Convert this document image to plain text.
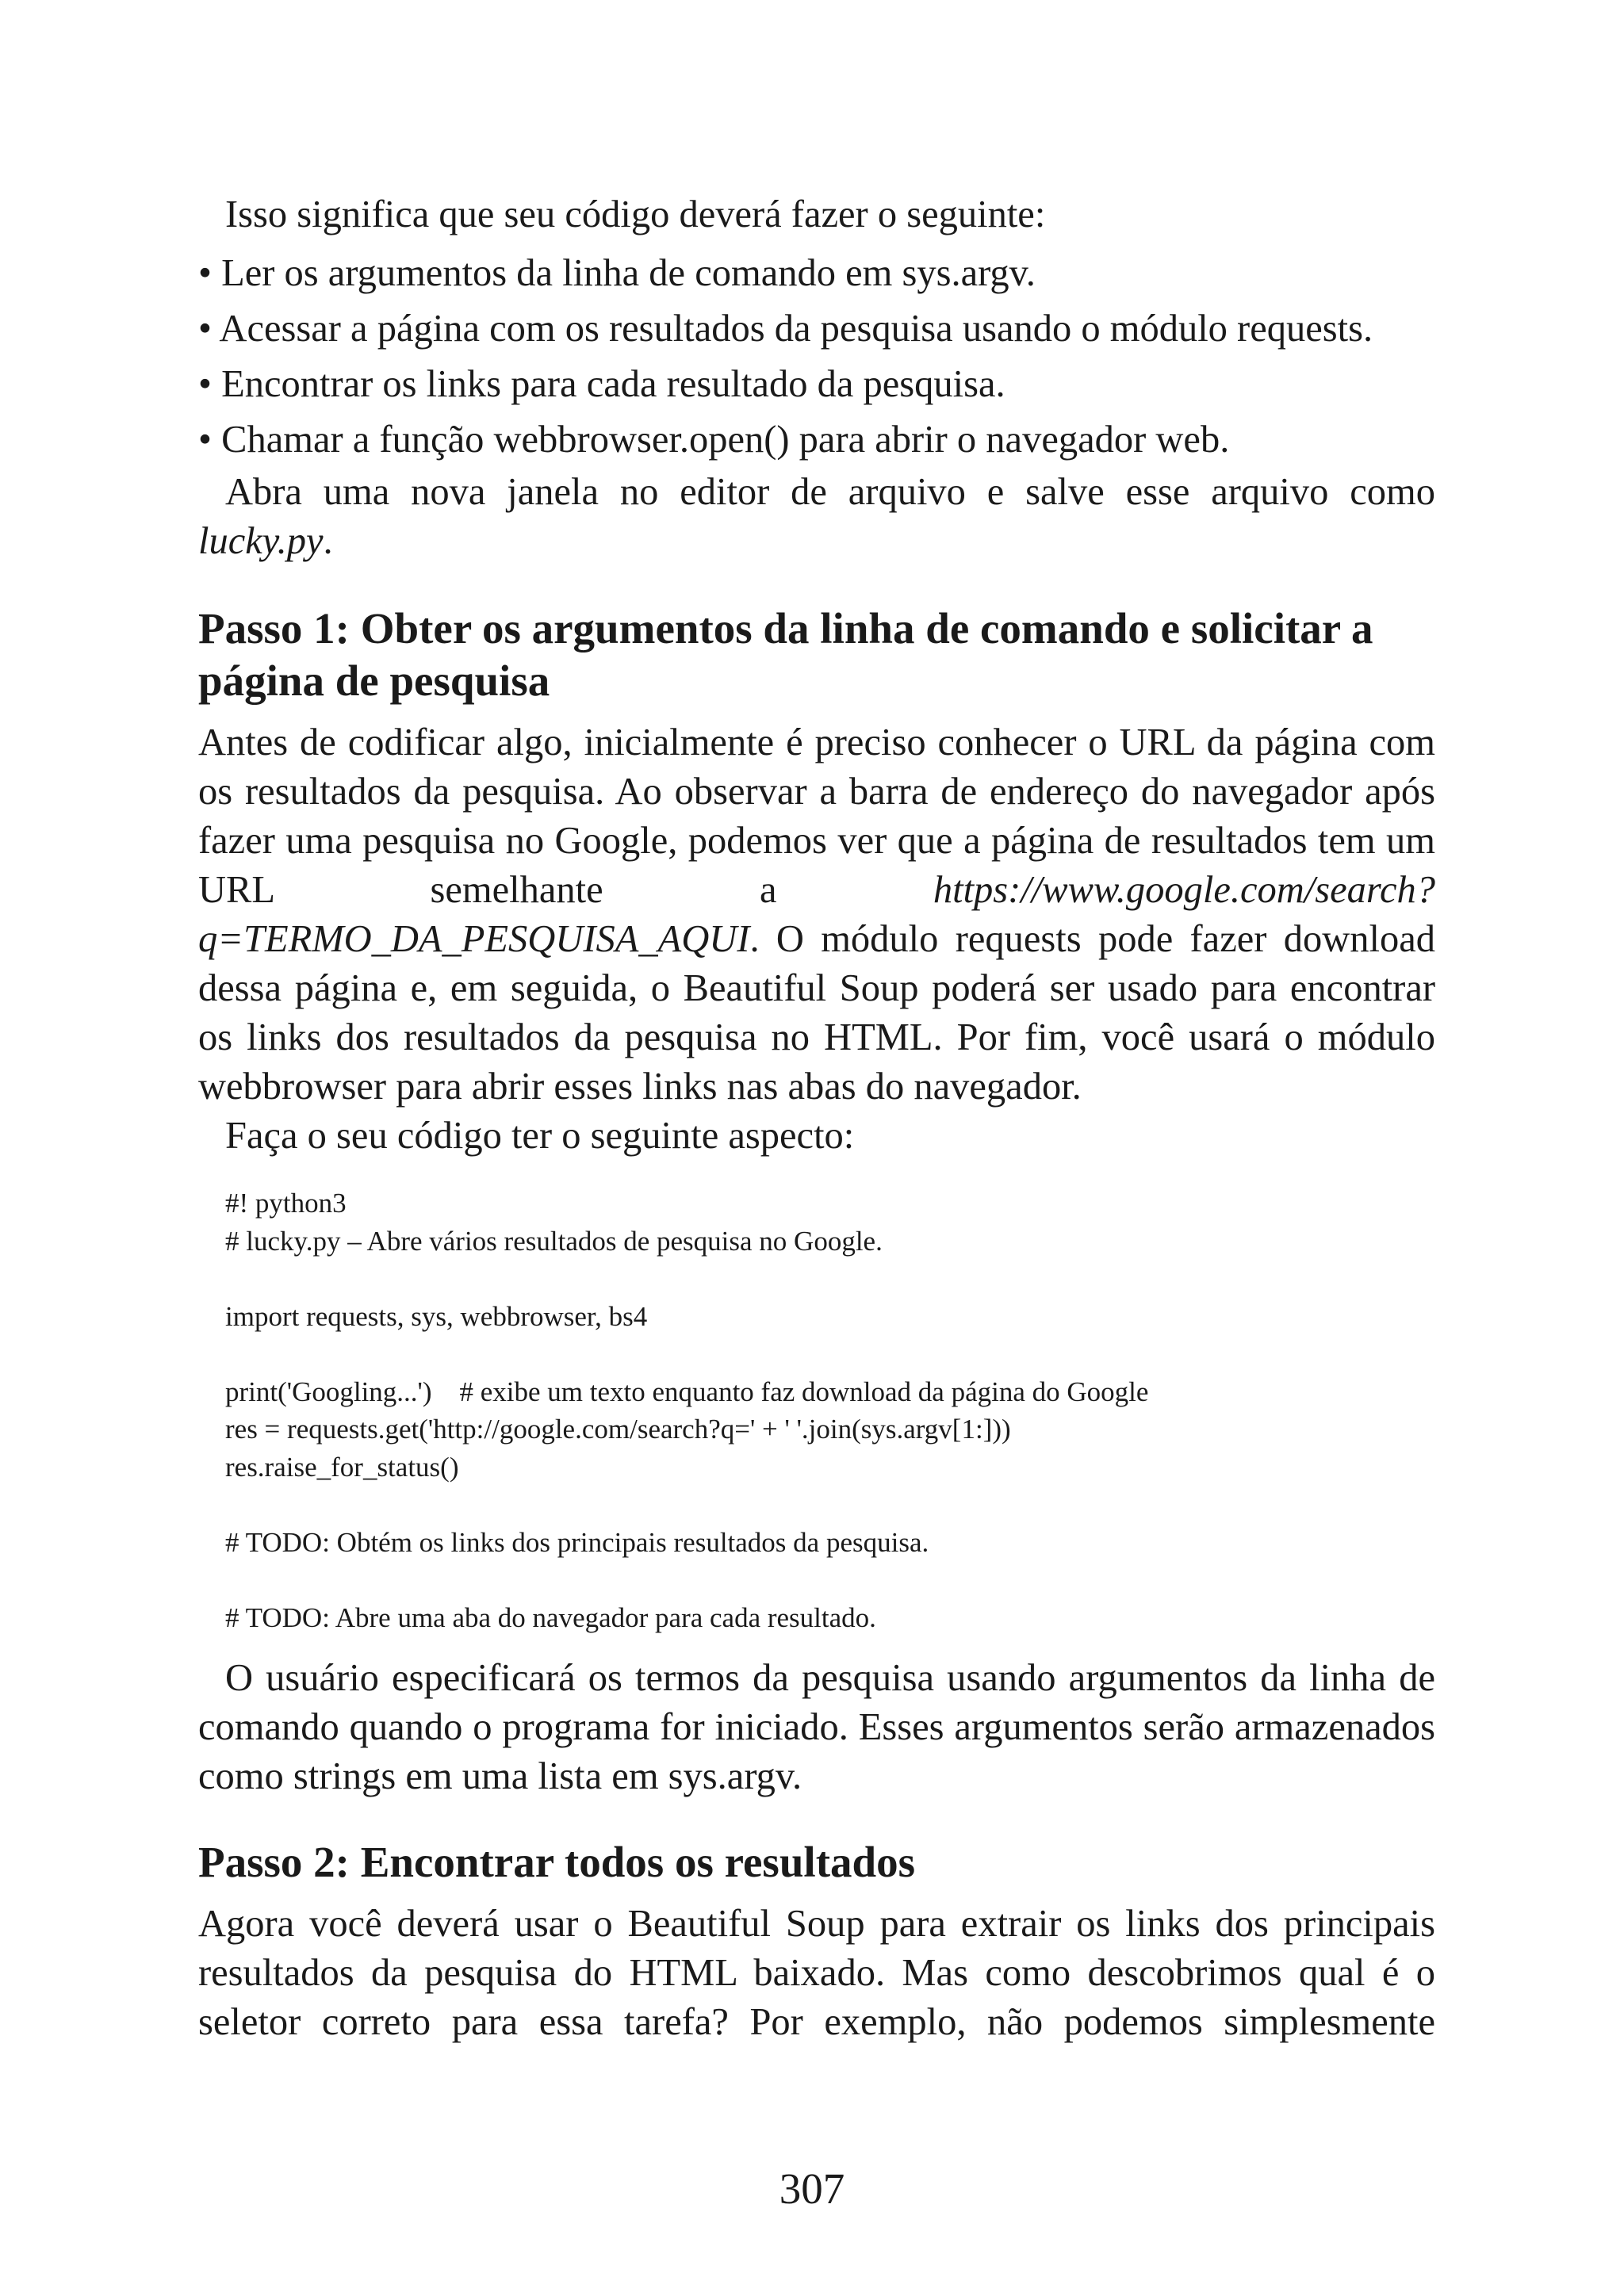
Isso significa que seu código deverá fazer o seguinte:

• Ler os argumentos da linha de comando em sys.argv.

• Acessar a página com os resultados da pesquisa usando o módulo requests.

• Encontrar os links para cada resultado da pesquisa.

• Chamar a função webbrowser.open() para abrir o navegador web.

Abra uma nova janela no editor de arquivo e salve esse arquivo como lucky.py.

Passo 1: Obter os argumentos da linha de comando e solicitar a página de pesquisa

Antes de codificar algo, inicialmente é preciso conhecer o URL da página com os resultados da pesquisa. Ao observar a barra de endereço do navegador após fazer uma pesquisa no Google, podemos ver que a página de resultados tem um URL semelhante a	https://www.google.com/search? q=TERMO_DA_PESQUISA_AQUI. O módulo requests pode fazer download dessa página e, em seguida, o Beautiful Soup poderá ser usado para encontrar os links dos resultados da pesquisa no HTML. Por fim, você usará o módulo webbrowser para abrir esses links nas abas do navegador.

Faça o seu código ter o seguinte aspecto:

#! python3
# lucky.py – Abre vários resultados de pesquisa no Google.
import requests, sys, webbrowser, bs4
print('Googling...')    # exibe um texto enquanto faz download da página do Google
res = requests.get('http://google.com/search?q=' + ' '.join(sys.argv[1:]))
res.raise_for_status()
# TODO: Obtém os links dos principais resultados da pesquisa.
# TODO: Abre uma aba do navegador para cada resultado.

O usuário especificará os termos da pesquisa usando argumentos da linha de comando quando o programa for iniciado. Esses argumentos serão armazenados como strings em uma lista em sys.argv.

Passo 2: Encontrar todos os resultados

Agora você deverá usar o Beautiful Soup para extrair os links dos principais resultados da pesquisa do HTML baixado. Mas como descobrimos qual é o seletor correto para essa tarefa? Por exemplo, não podemos simplesmente

307
